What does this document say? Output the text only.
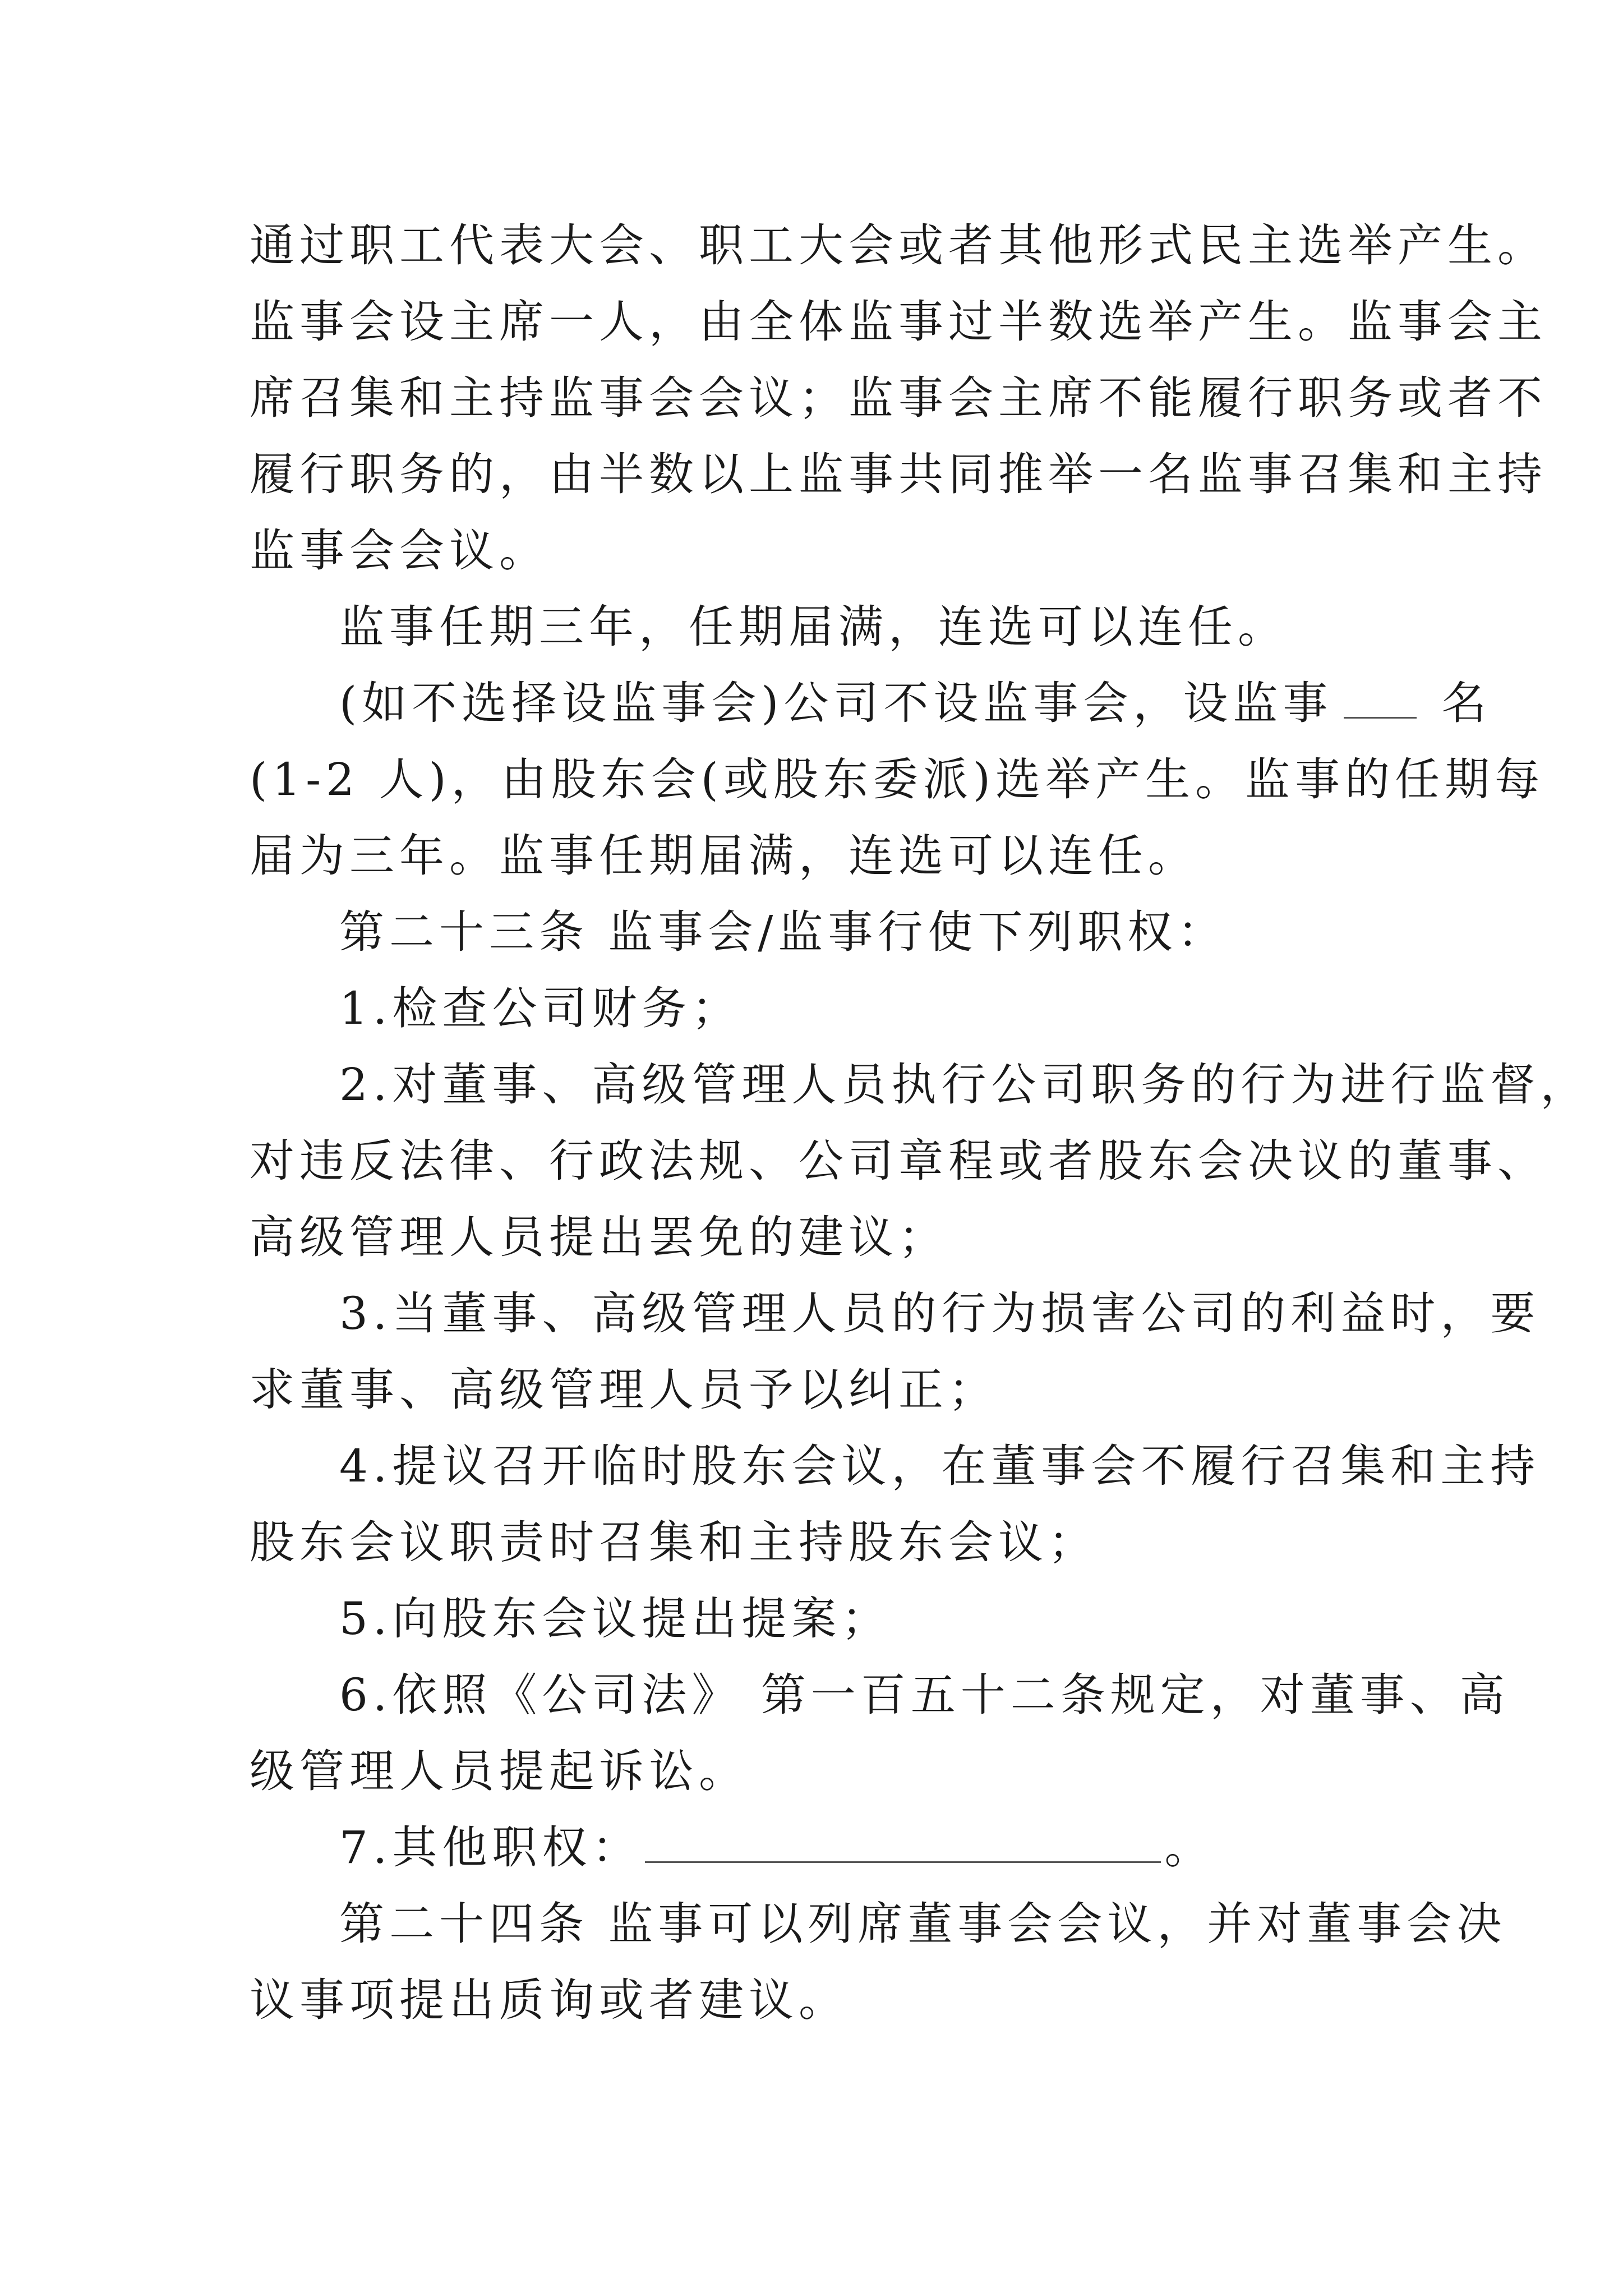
通过职工代表大会、职工大会或者其他形式民主选举产生。
监事会设主席一人，由全体监事过半数选举产生。监事会主
席召集和主持监事会会议；监事会主席不能履行职务或者不
履行职务的，由半数以上监事共同推举一名监事召集和主持
监事会会议。
监事任期三年，任期届满，连选可以连任。
(如不选择设监事会)公司不设监事会，设监事 名
(1-2 人)，由股东会(或股东委派)选举产生。监事的任期每
届为三年。监事任期届满，连选可以连任。
第二十三条 监事会/监事行使下列职权：
1.检查公司财务；
2.对董事、高级管理人员执行公司职务的行为进行监督，
对违反法律、行政法规、公司章程或者股东会决议的董事、
高级管理人员提出罢免的建议；
3.当董事、高级管理人员的行为损害公司的利益时，要
求董事、高级管理人员予以纠正；
4.提议召开临时股东会议，在董事会不履行召集和主持
股东会议职责时召集和主持股东会议；
5.向股东会议提出提案；
6.依照《公司法》 第一百五十二条规定，对董事、高
级管理人员提起诉讼。
7.其他职权：	。
第二十四条 监事可以列席董事会会议，并对董事会决
议事项提出质询或者建议。
